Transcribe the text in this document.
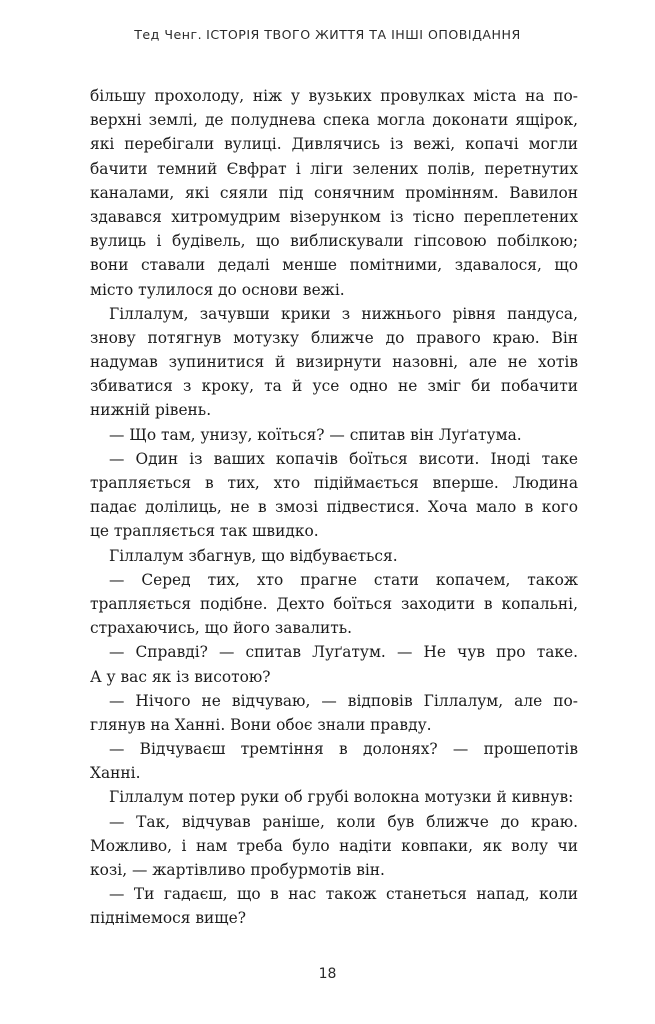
Тед Ченг. ІСТОРІЯ ТВОГО ЖИТТЯ ТА ІНШІ ОПОВІДАННЯ
більшу прохолоду, ніж у вузьких провулках міста на по-
верхні землі, де полуднева спека могла доконати ящірок,
які перебігали вулиці. Дивлячись із вежі, копачі могли
бачити темний Євфрат і ліги зелених полів, перетнутих
каналами, які сяяли під сонячним промінням. Вавилон
здавався хитромудрим візерунком із тісно переплетених
вулиць і будівель, що виблискували гіпсовою побілкою;
вони ставали дедалі менше помітними, здавалося, що
місто тулилося до основи вежі.
Гіллалум, зачувши крики з нижнього рівня пандуса,
знову потягнув мотузку ближче до правого краю. Він
надумав зупинитися й визирнути назовні, але не хотів
збиватися з кроку, та й усе одно не зміг би побачити
нижній рівень.
— Що там, унизу, коїться? — спитав він Луґатума.
— Один із ваших копачів боїться висоти. Іноді таке
трапляється в тих, хто підіймається вперше. Людина
падає долілиць, не в змозі підвестися. Хоча мало в кого
це трапляється так швидко.
Гіллалум збагнув, що відбувається.
— Серед тих, хто прагне стати копачем, також
трапляється подібне. Дехто боїться заходити в копальні,
страхаючись, що його завалить.
— Справді? — спитав Луґатум. — Не чув про таке.
А у вас як із висотою?
— Нічого не відчуваю, — відповів Гіллалум, але по-
глянув на Ханні. Вони обоє знали правду.
— Відчуваєш тремтіння в долонях? — прошепотів
Ханні.
Гіллалум потер руки об грубі волокна мотузки й кивнув:
— Так, відчував раніше, коли був ближче до краю.
Можливо, і нам треба було надіти ковпаки, як волу чи
козі, — жартівливо пробурмотів він.
— Ти гадаєш, що в нас також станеться напад, коли
піднімемося вище?
18
